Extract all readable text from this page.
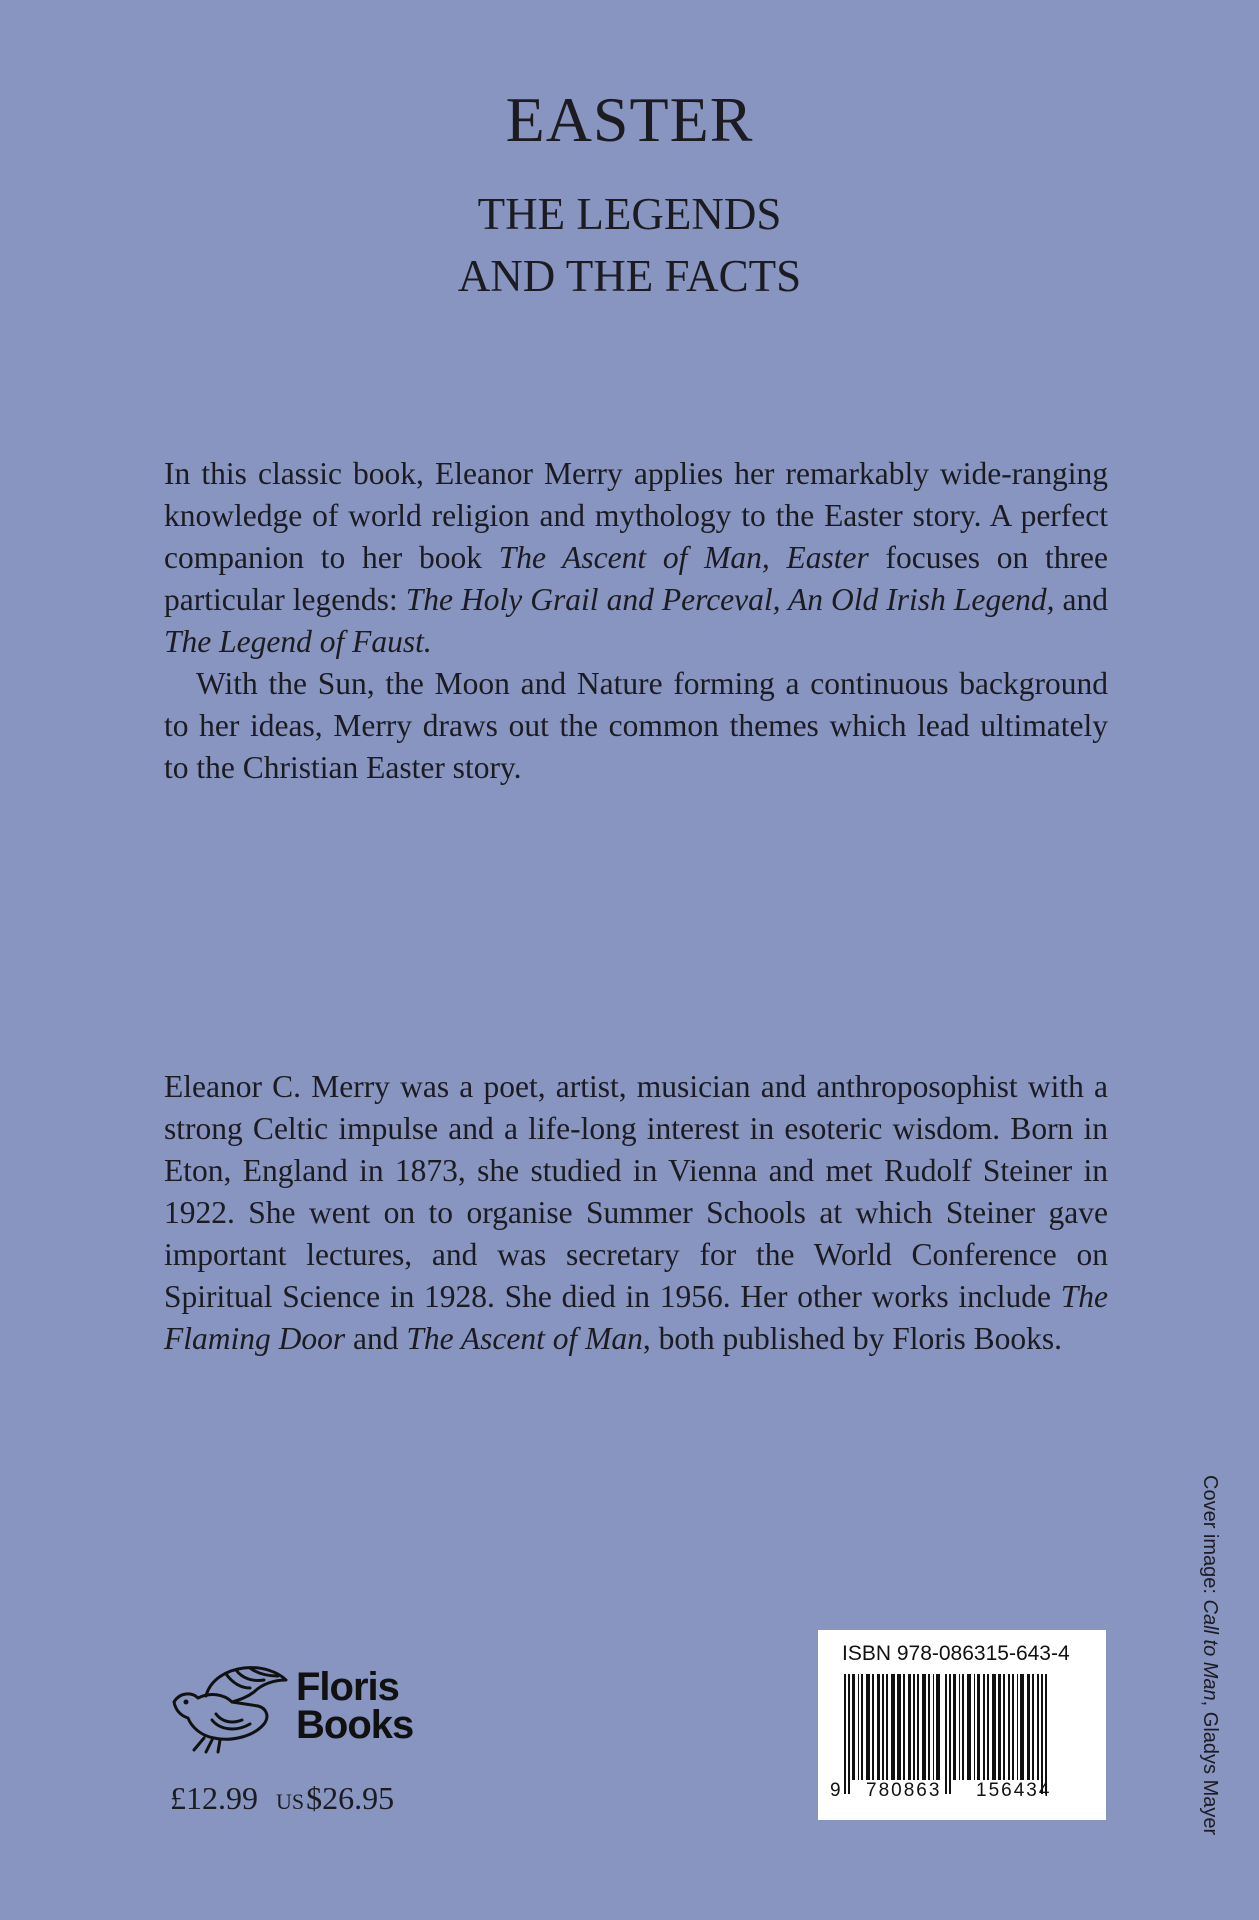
EASTER
THE LEGENDS
AND THE FACTS

In this classic book, Eleanor Merry applies her remarkably wide-ranging knowledge of world religion and mythology to the Easter story. A perfect companion to her book The Ascent of Man, Easter focuses on three particular legends: The Holy Grail and Perceval, An Old Irish Legend, and The Legend of Faust.

With the Sun, the Moon and Nature forming a continuous background to her ideas, Merry draws out the common themes which lead ultimately to the Christian Easter story.

Eleanor C. Merry was a poet, artist, musician and anthroposophist with a strong Celtic impulse and a life-long interest in esoteric wisdom. Born in Eton, England in 1873, she studied in Vienna and met Rudolf Steiner in 1922. She went on to organise Summer Schools at which Steiner gave important lectures, and was secretary for the World Conference on Spiritual Science in 1928. She died in 1956. Her other works include The Flaming Door and The Ascent of Man, both published by Floris Books.

Floris
Books
£12.99 US$26.95
ISBN 978-086315-643-4
9 780863 156434
Cover image: Call to Man, Gladys Mayer
